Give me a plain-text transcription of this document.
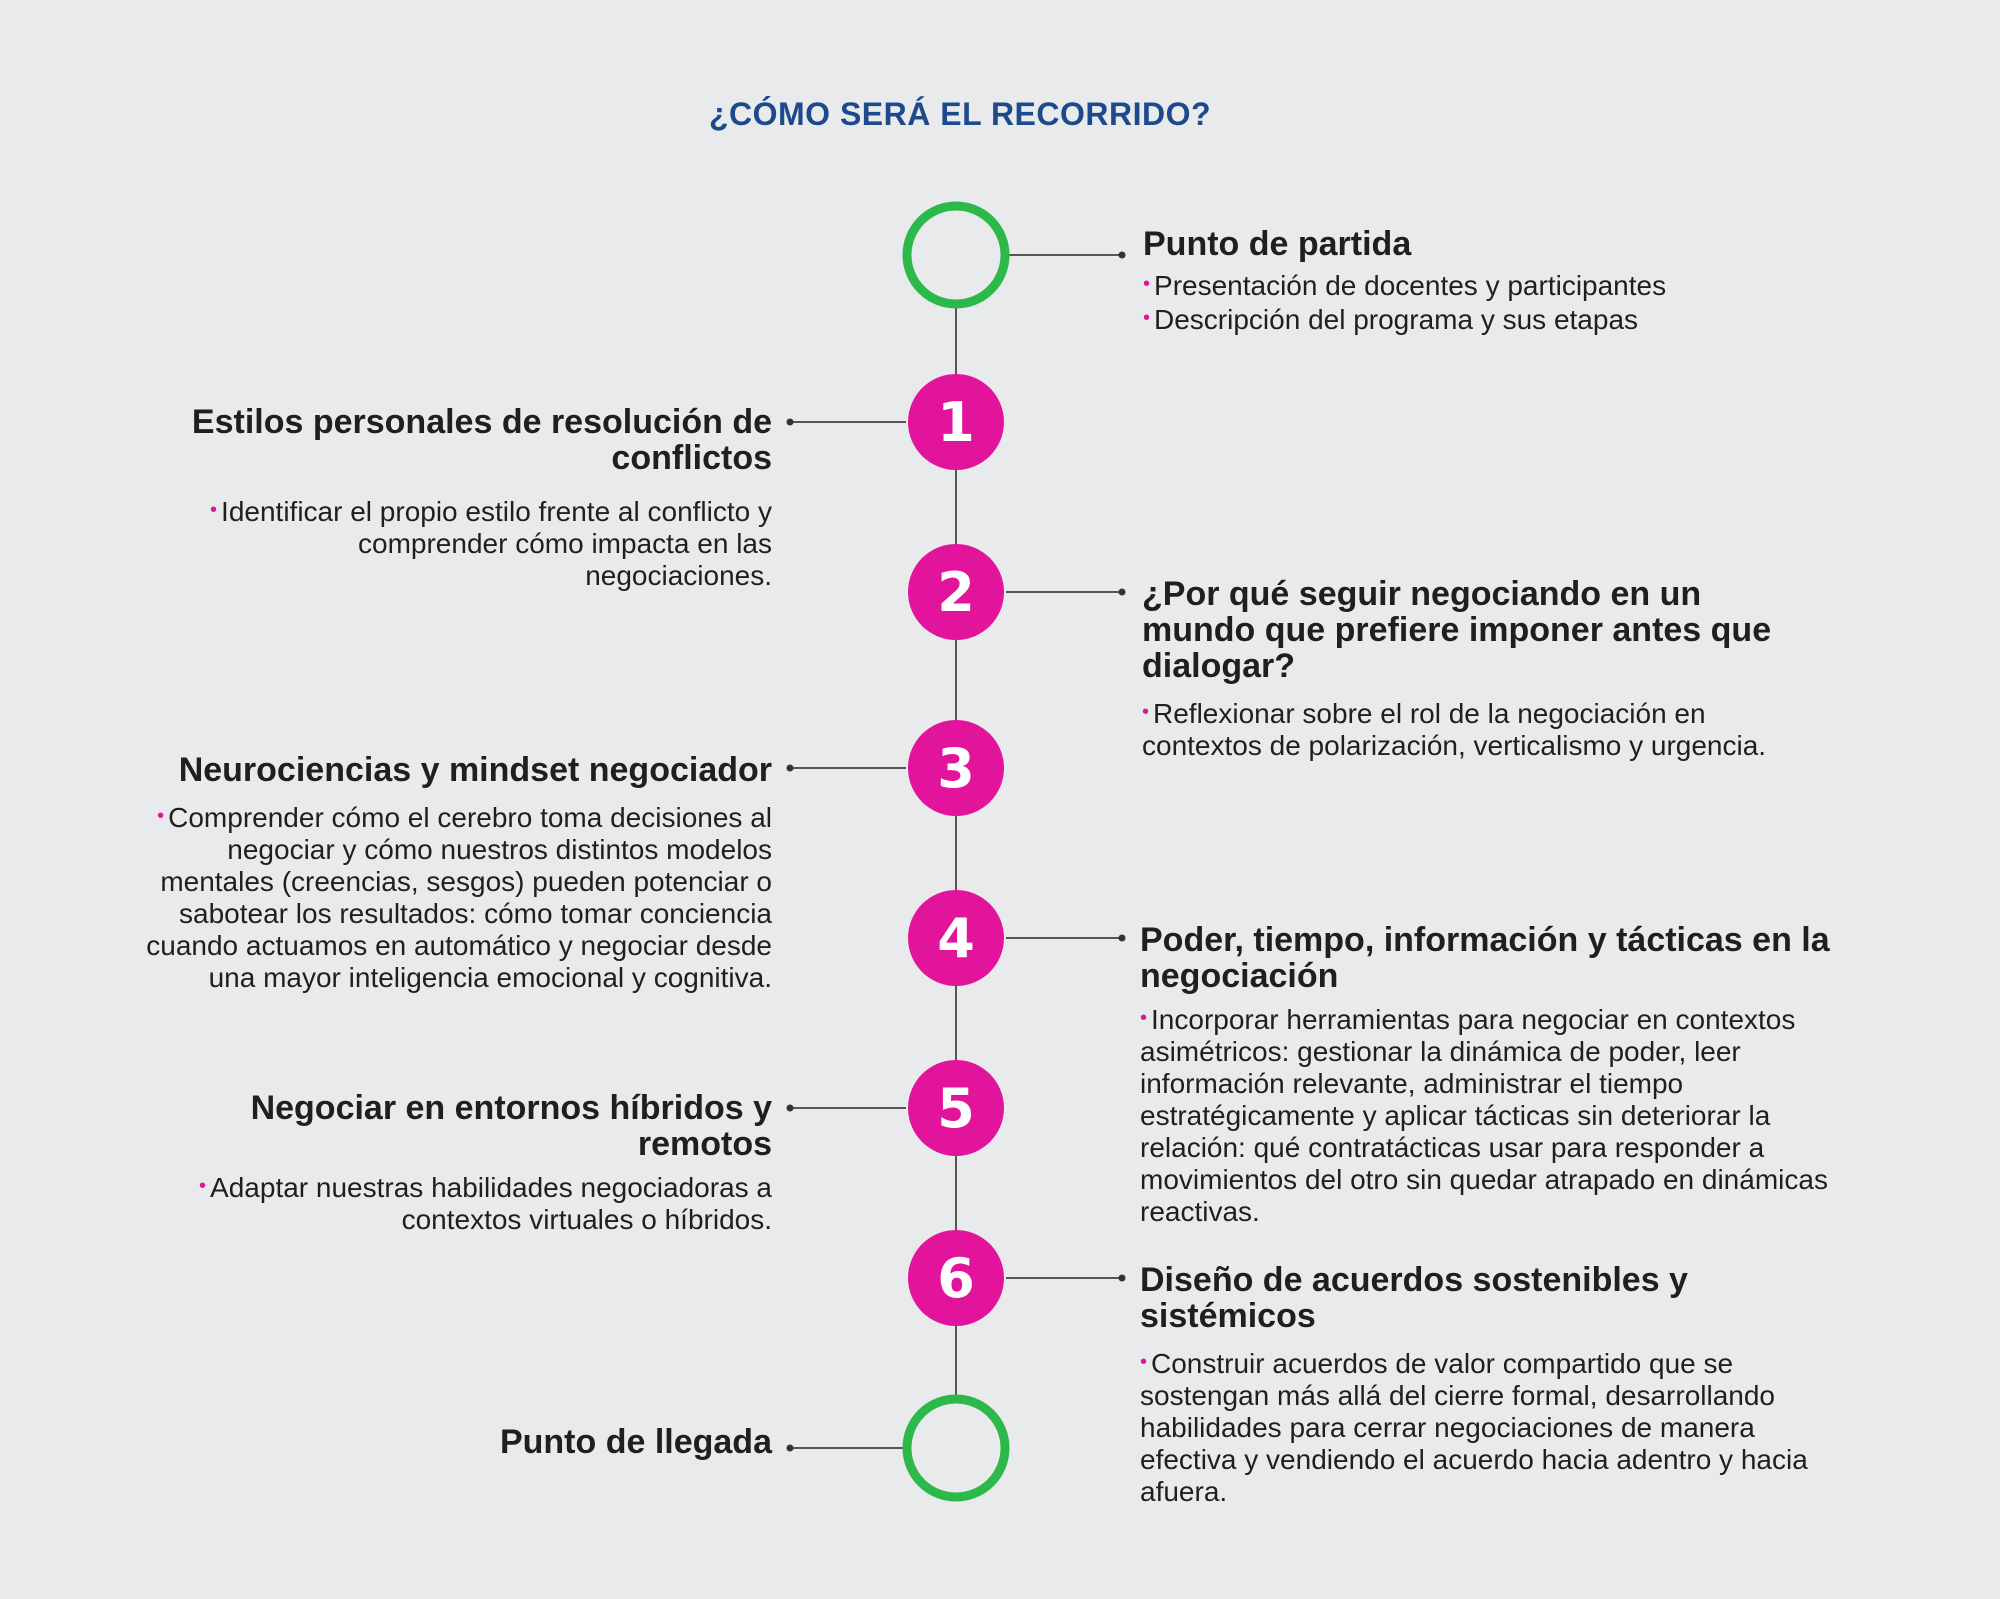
¿CÓMO SERÁ EL RECORRIDO?
1
2
3
4
5
6
Punto de partida
• Presentación de docentes y participantes
• Descripción del programa y sus etapas
Estilos personales de resolución de conflictos
• Identificar el propio estilo frente al conflicto y comprender cómo impacta en las negociaciones.	¿Por qué seguir negociando en un mundo que prefiere imponer antes que dialogar?
• Reflexionar sobre el rol de la negociación en contextos de polarización, verticalismo y urgencia.
Neurociencias y mindset negociador
• Comprender cómo el cerebro toma decisiones al negociar y cómo nuestros distintos modelos mentales (creencias, sesgos) pueden potenciar o sabotear los resultados: cómo tomar conciencia cuando actuamos en automático y negociar desde una mayor inteligencia emocional y cognitiva.
Poder, tiempo, información y tácticas en la negociación
• Incorporar herramientas para negociar en contextos asimétricos: gestionar la dinámica de poder, leer información relevante, administrar el tiempo estratégicamente y aplicar tácticas sin deteriorar la relación: qué contratácticas usar para responder a movimientos del otro sin quedar atrapado en dinámicas reactivas.
Negociar en entornos híbridos y remotos
• Adaptar nuestras habilidades negociadoras a contextos virtuales o híbridos.
Diseño de acuerdos sostenibles y sistémicos
• Construir acuerdos de valor compartido que se sostengan más allá del cierre formal, desarrollando habilidades para cerrar negociaciones de manera efectiva y vendiendo el acuerdo hacia adentro y hacia afuera.
Punto de llegada
